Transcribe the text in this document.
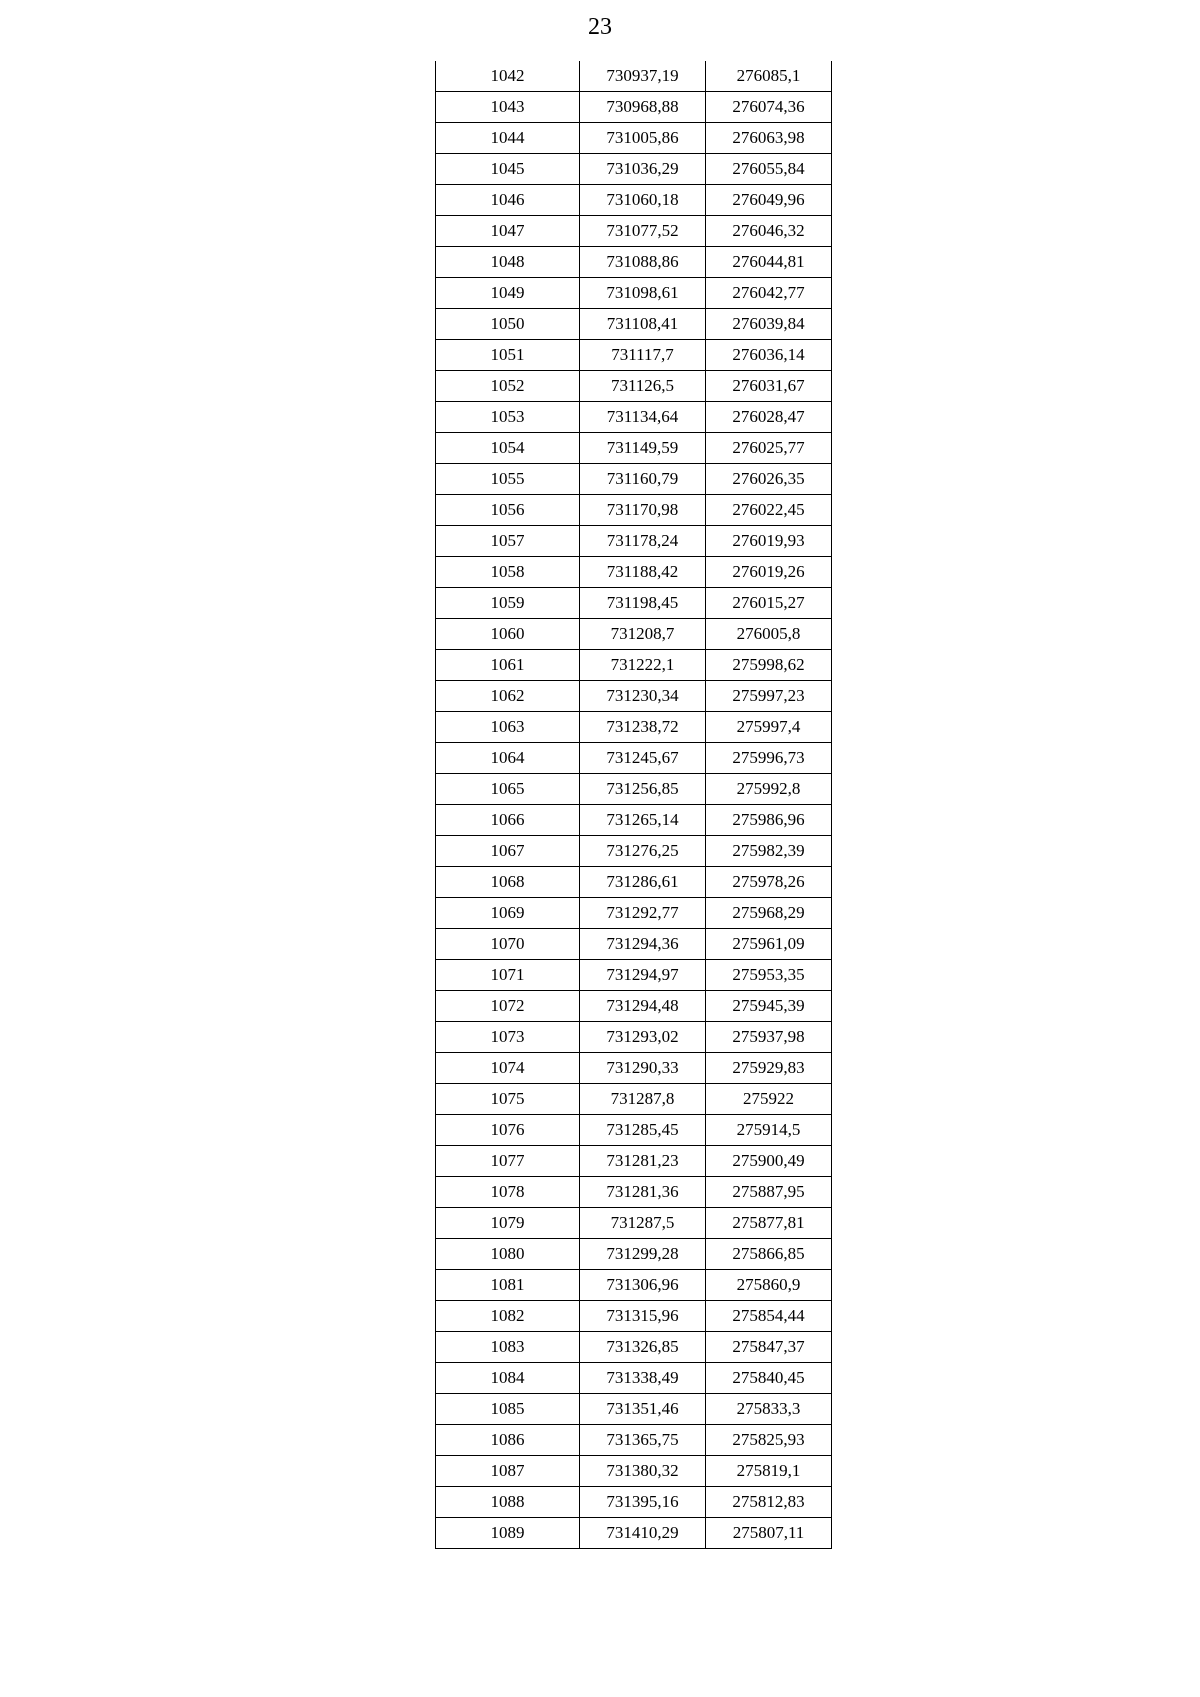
23
1042	730937,19	276085,1
1043	730968,88	276074,36
1044	731005,86	276063,98
1045	731036,29	276055,84
1046	731060,18	276049,96
1047	731077,52	276046,32
1048	731088,86	276044,81
1049	731098,61	276042,77
1050	731108,41	276039,84
1051	731117,7	276036,14
1052	731126,5	276031,67
1053	731134,64	276028,47
1054	731149,59	276025,77
1055	731160,79	276026,35
1056	731170,98	276022,45
1057	731178,24	276019,93
1058	731188,42	276019,26
1059	731198,45	276015,27
1060	731208,7	276005,8
1061	731222,1	275998,62
1062	731230,34	275997,23
1063	731238,72	275997,4
1064	731245,67	275996,73
1065	731256,85	275992,8
1066	731265,14	275986,96
1067	731276,25	275982,39
1068	731286,61	275978,26
1069	731292,77	275968,29
1070	731294,36	275961,09
1071	731294,97	275953,35
1072	731294,48	275945,39
1073	731293,02	275937,98
1074	731290,33	275929,83
1075	731287,8	275922
1076	731285,45	275914,5
1077	731281,23	275900,49
1078	731281,36	275887,95
1079	731287,5	275877,81
1080	731299,28	275866,85
1081	731306,96	275860,9
1082	731315,96	275854,44
1083	731326,85	275847,37
1084	731338,49	275840,45
1085	731351,46	275833,3
1086	731365,75	275825,93
1087	731380,32	275819,1
1088	731395,16	275812,83
1089	731410,29	275807,11
